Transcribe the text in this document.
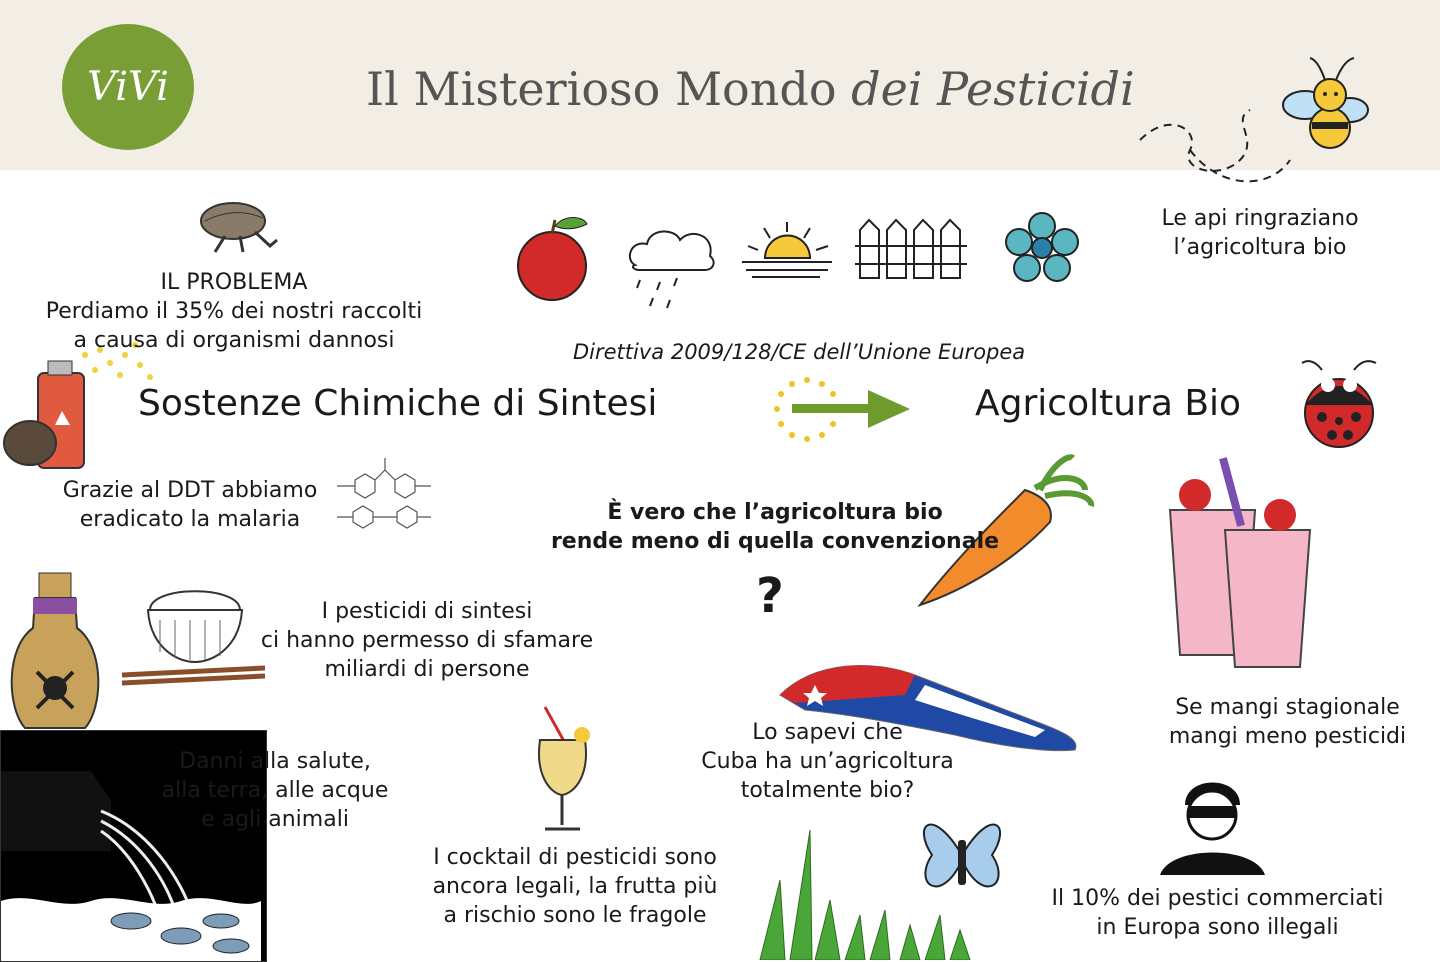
ViVi	Il Misterioso Mondo dei Pesticidi
IL PROBLEMA
Perdiamo il 35% dei nostri raccolti
a causa di organismi dannosi
Le api ringraziano
l’agricoltura bio
Direttiva 2009/128/CE dell’Unione Europea
Sostenze Chimiche di Sintesi	Agricoltura Bio
Grazie al DDT abbiamo
eradicato la malaria	È vero che l’agricoltura bio
rende meno di quella convenzionale
?
I pesticidi di sintesi
ci hanno permesso di sfamare
miliardi di persone
Se mangi stagionale
mangi meno pesticidi
Lo sapevi che
Cuba ha un’agricoltura
totalmente bio?
Danni alla salute,
alla terra, alle acque
e agli animali
I cocktail di pesticidi sono
ancora legali, la frutta più
a rischio sono le fragole
Il 10% dei pestici commerciati
in Europa sono illegali
